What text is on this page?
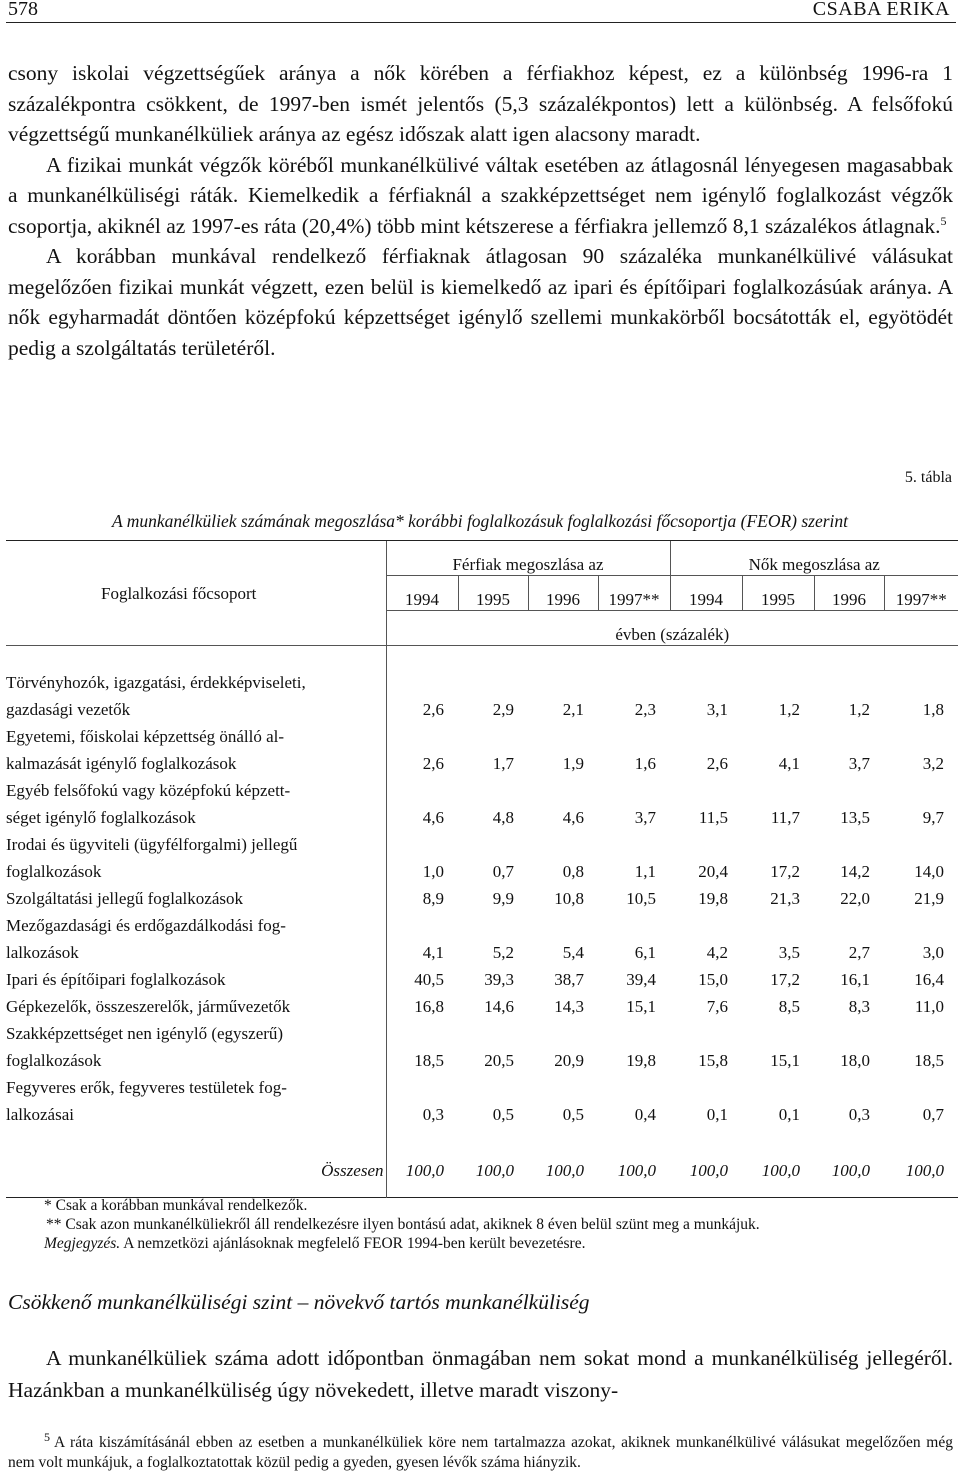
578	CSABA ERIKA

csony iskolai végzettségűek aránya a nők körében a férfiakhoz képest, ez a különbség 1996-ra 1 százalékpontra csökkent, de 1997-ben ismét jelentős (5,3 százalékpontos) lett a különbség. A felsőfokú végzettségű munkanélküliek aránya az egész időszak alatt igen alacsony maradt.

A fizikai munkát végzők köréből munkanélkülivé váltak esetében az átlagosnál lényegesen magasabbak a munkanélküliségi ráták. Kiemelkedik a férfiaknál a szakképzettséget nem igénylő foglalkozást végzők csoportja, akiknél az 1997-es ráta (20,4%) több mint kétszerese a férfiakra jellemző 8,1 százalékos átlagnak.$^5$

A korábban munkával rendelkező férfiaknak átlagosan 90 százaléka munkanélkülivé válásukat megelőzően fizikai munkát végzett, ezen belül is kiemelkedő az ipari és építőipari foglalkozásúak aránya. A nők egyharmadát döntően középfokú képzettséget igénylő szellemi munkakörből bocsátották el, egyötödét pedig a szolgáltatás területéről.

5. tábla
A munkanélküliek számának megoszlása* korábbi foglalkozásuk foglalkozási főcsoportja (FEOR) szerint

Foglalkozási főcsoport	Férfiak megoszlása az				Nők megoszlása az			
	1994	1995	1996	1997**	1994	1995	1996	1997**
	évben (százalék)							

Törvényhozók, igazgatási, érdekképviseleti,								
gazdasági vezetők	2,6	2,9	2,1	2,3	3,1	1,2	1,2	1,8
Egyetemi, főiskolai képzettség önálló al-								
kalmazását igénylő foglalkozások	2,6	1,7	1,9	1,6	2,6	4,1	3,7	3,2
Egyéb felsőfokú vagy középfokú képzett-								
séget igénylő foglalkozások	4,6	4,8	4,6	3,7	11,5	11,7	13,5	9,7
Irodai és ügyviteli (ügyfélforgalmi) jellegű								
foglalkozások	1,0	0,7	0,8	1,1	20,4	17,2	14,2	14,0
Szolgáltatási jellegű foglalkozások	8,9	9,9	10,8	10,5	19,8	21,3	22,0	21,9
Mezőgazdasági és erdőgazdálkodási fog-								
lalkozások	4,1	5,2	5,4	6,1	4,2	3,5	2,7	3,0
Ipari és építőipari foglalkozások	40,5	39,3	38,7	39,4	15,0	17,2	16,1	16,4
Gépkezelők, összeszerelők, járművezetők	16,8	14,6	14,3	15,1	7,6	8,5	8,3	11,0
Szakképzettséget nen igénylő (egyszerű)								
foglalkozások	18,5	20,5	20,9	19,8	15,8	15,1	18,0	18,5
Fegyveres erők, fegyveres testületek fog-								
lalkozásai	0,3	0,5	0,5	0,4	0,1	0,1	0,3	0,7

Összesen	100,0	100,0	100,0	100,0	100,0	100,0	100,0	100,0

* Csak a korábban munkával rendelkezők.
** Csak azon munkanélküliekről áll rendelkezésre ilyen bontású adat, akiknek 8 éven belül szünt meg a munkájuk.
Megjegyzés. A nemzetközi ajánlásoknak megfelelő FEOR 1994-ben került bevezetésre.
Csökkenő munkanélküliségi szint – növekvő tartós munkanélküliség

A munkanélküliek száma adott időpontban önmagában nem sokat mond a munkanélküliség jellegéről. Hazánkban a munkanélküliség úgy növekedett, illetve maradt viszony-

$^5$ A ráta kiszámításánál ebben az esetben a munkanélküliek köre nem tartalmazza azokat, akiknek munkanélkülivé válásukat megelőzően még nem volt munkájuk, a foglalkoztatottak közül pedig a gyeden, gyesen lévők száma hiányzik.
